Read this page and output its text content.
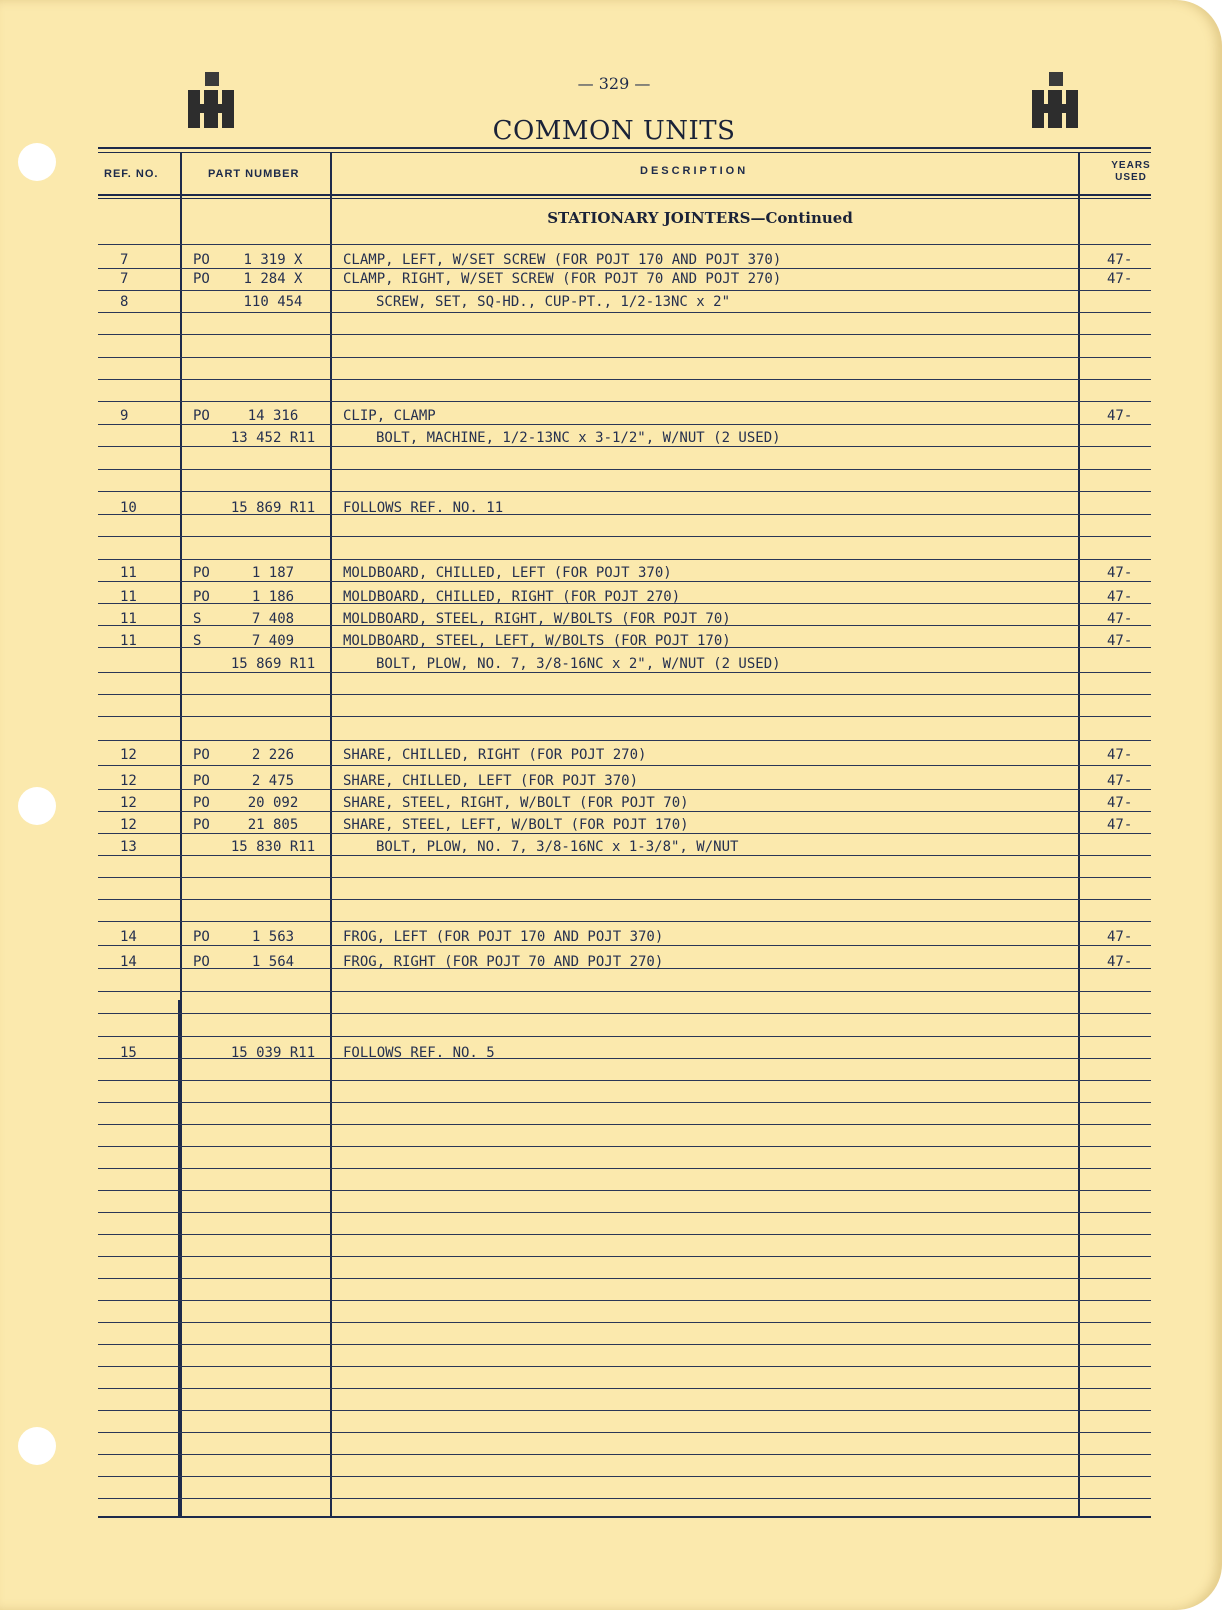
— 329 —
COMMON UNITS
REF. NO.	PART NUMBER	DESCRIPTION	YEARS USED
STATIONARY JOINTERS—Continued
7	PO	1 319 X	CLAMP, LEFT, W/SET SCREW (FOR POJT 170 AND POJT 370)	47-
7	PO	1 284 X	CLAMP, RIGHT, W/SET SCREW (FOR POJT 70 AND POJT 270)	47-
8	110 454	SCREW, SET, SQ-HD., CUP-PT., 1/2-13NC x 2"
9	PO	14 316	CLIP, CLAMP	47-
13 452 R11	BOLT, MACHINE, 1/2-13NC x 3-1/2", W/NUT (2 USED)
10	15 869 R11	FOLLOWS REF. NO. 11
11	PO	1 187	MOLDBOARD, CHILLED, LEFT (FOR POJT 370)	47-
11	PO	1 186	MOLDBOARD, CHILLED, RIGHT (FOR POJT 270)	47-
11	S	7 408	MOLDBOARD, STEEL, RIGHT, W/BOLTS (FOR POJT 70)	47-
11	S	7 409	MOLDBOARD, STEEL, LEFT, W/BOLTS (FOR POJT 170)	47-
15 869 R11	BOLT, PLOW, NO. 7, 3/8-16NC x 2", W/NUT (2 USED)
12	PO	2 226	SHARE, CHILLED, RIGHT (FOR POJT 270)	47-
12	PO	2 475	SHARE, CHILLED, LEFT (FOR POJT 370)	47-
12	PO	20 092	SHARE, STEEL, RIGHT, W/BOLT (FOR POJT 70)	47-
12	PO	21 805	SHARE, STEEL, LEFT, W/BOLT (FOR POJT 170)	47-
13	15 830 R11	BOLT, PLOW, NO. 7, 3/8-16NC x 1-3/8", W/NUT
14	PO	1 563	FROG, LEFT (FOR POJT 170 AND POJT 370)	47-
14	PO	1 564	FROG, RIGHT (FOR POJT 70 AND POJT 270)	47-
15	15 039 R11	FOLLOWS REF. NO. 5
